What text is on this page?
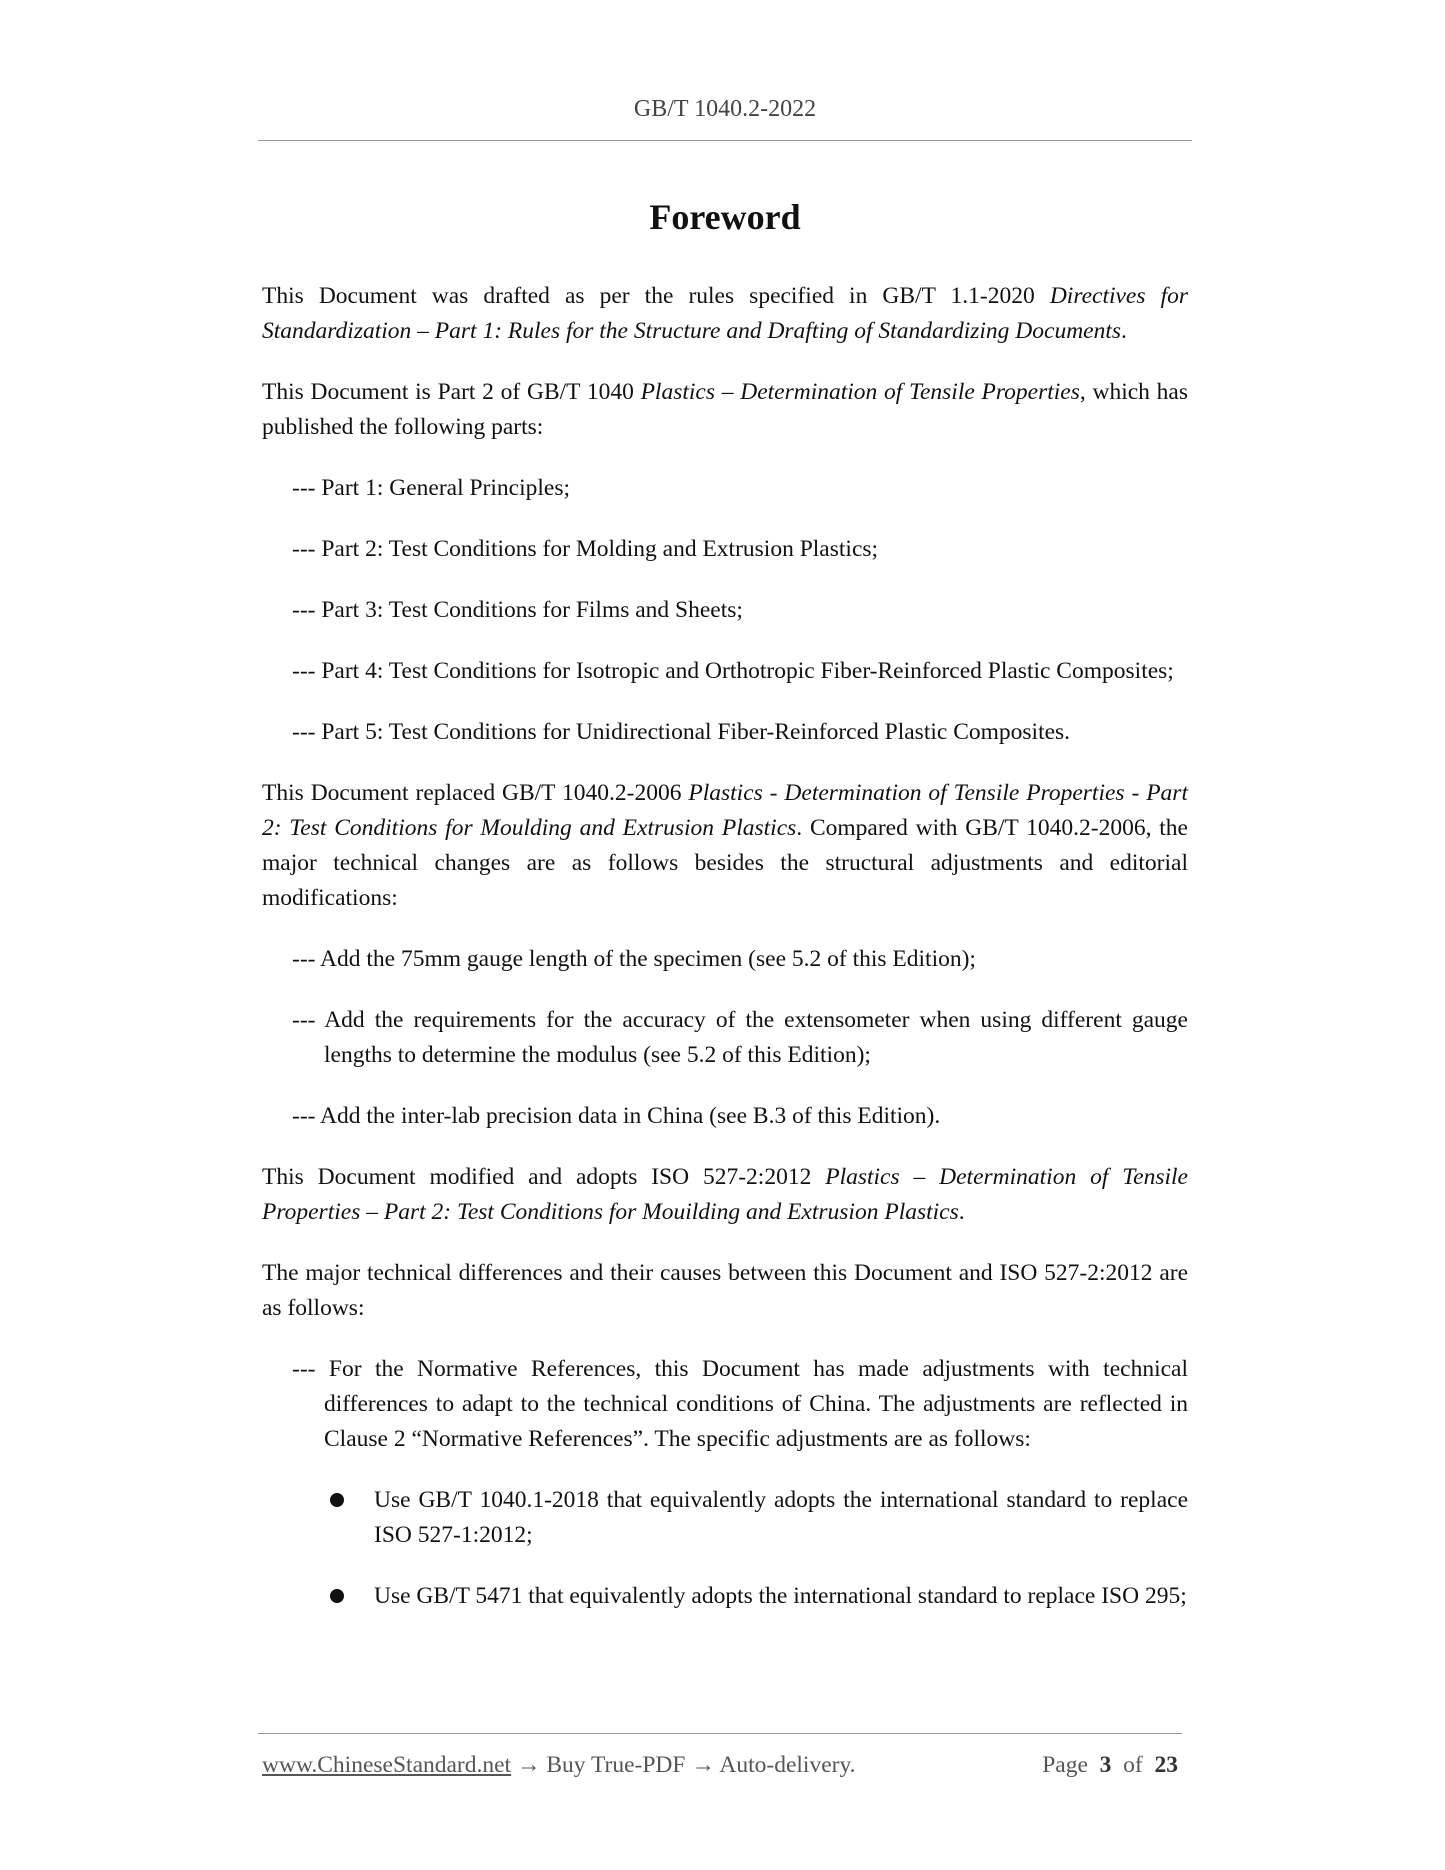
GB/T 1040.2-2022
Foreword

This Document was drafted as per the rules specified in GB/T 1.1-2020 Directives for Standardization – Part 1: Rules for the Structure and Drafting of Standardizing Documents.

This Document is Part 2 of GB/T 1040 Plastics – Determination of Tensile Properties, which has published the following parts:

--- Part 1: General Principles;

--- Part 2: Test Conditions for Molding and Extrusion Plastics;

--- Part 3: Test Conditions for Films and Sheets;

--- Part 4: Test Conditions for Isotropic and Orthotropic Fiber-Reinforced Plastic Composites;

--- Part 5: Test Conditions for Unidirectional Fiber-Reinforced Plastic Composites.

This Document replaced GB/T 1040.2-2006 Plastics - Determination of Tensile Properties - Part 2: Test Conditions for Moulding and Extrusion Plastics. Compared with GB/T 1040.2-2006, the major technical changes are as follows besides the structural adjustments and editorial modifications:

--- Add the 75mm gauge length of the specimen (see 5.2 of this Edition);

--- Add the requirements for the accuracy of the extensometer when using different gauge lengths to determine the modulus (see 5.2 of this Edition);

--- Add the inter-lab precision data in China (see B.3 of this Edition).

This Document modified and adopts ISO 527-2:2012 Plastics – Determination of Tensile Properties – Part 2: Test Conditions for Mouilding and Extrusion Plastics.

The major technical differences and their causes between this Document and ISO 527-2:2012 are as follows:

--- For the Normative References, this Document has made adjustments with technical differences to adapt to the technical conditions of China. The adjustments are reflected in Clause 2 “Normative References”. The specific adjustments are as follows:

Use GB/T 1040.1-2018 that equivalently adopts the international standard to replace ISO 527-1:2012;

Use GB/T 5471 that equivalently adopts the international standard to replace ISO 295;

www.ChineseStandard.net → Buy True-PDF → Auto-delivery.	Page 3 of 23
